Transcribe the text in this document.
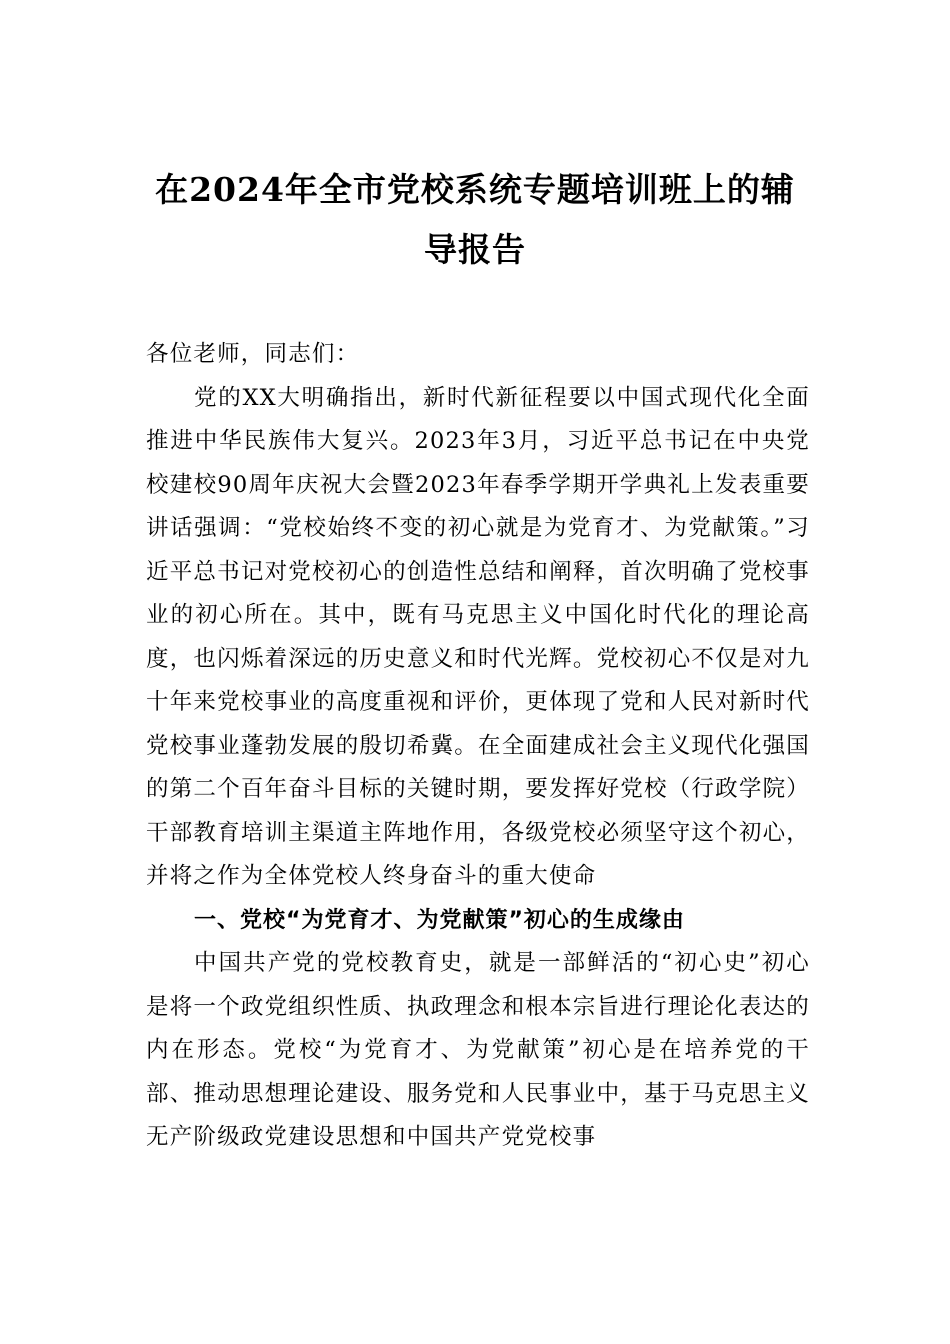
在2024年全市党校系统专题培训班上的辅导报告

各位老师，同志们：

党的XX大明确指出，新时代新征程要以中国式现代化全面推进中华民族伟大复兴。2023年3月，习近平总书记在中央党校建校90周年庆祝大会暨2023年春季学期开学典礼上发表重要讲话强调：“党校始终不变的初心就是为党育才、为党献策。”习近平总书记对党校初心的创造性总结和阐释，首次明确了党校事业的初心所在。其中，既有马克思主义中国化时代化的理论高度，也闪烁着深远的历史意义和时代光辉。党校初心不仅是对九十年来党校事业的高度重视和评价，更体现了党和人民对新时代党校事业蓬勃发展的殷切希冀。在全面建成社会主义现代化强国的第二个百年奋斗目标的关键时期，要发挥好党校（行政学院）干部教育培训主渠道主阵地作用，各级党校必须坚守这个初心，并将之作为全体党校人终身奋斗的重大使命

一、党校“为党育才、为党献策”初心的生成缘由

中国共产党的党校教育史，就是一部鲜活的“初心史”初心是将一个政党组织性质、执政理念和根本宗旨进行理论化表达的内在形态。党校“为党育才、为党献策”初心是在培养党的干部、推动思想理论建设、服务党和人民事业中，基于马克思主义无产阶级政党建设思想和中国共产党党校事
